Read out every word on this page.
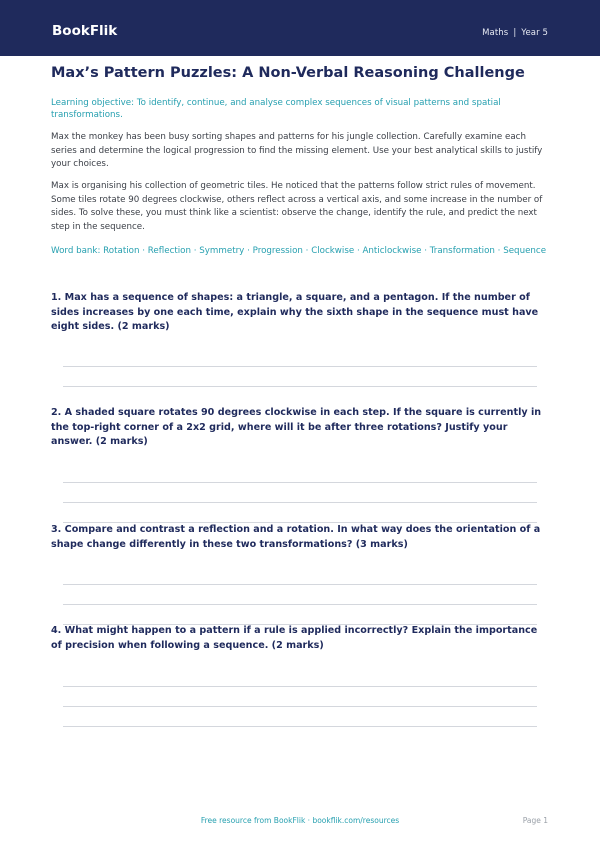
BookFlik	Maths | Year 5
Max’s Pattern Puzzles: A Non-Verbal Reasoning Challenge

Learning objective: To identify, continue, and analyse complex sequences of visual patterns and spatial transformations.

Max the monkey has been busy sorting shapes and patterns for his jungle collection. Carefully examine each series and determine the logical progression to find the missing element. Use your best analytical skills to justify your choices.

Max is organising his collection of geometric tiles. He noticed that the patterns follow strict rules of movement. Some tiles rotate 90 degrees clockwise, others reflect across a vertical axis, and some increase in the number of sides. To solve these, you must think like a scientist: observe the change, identify the rule, and predict the next step in the sequence.

Word bank: Rotation · Reflection · Symmetry · Progression · Clockwise · Anticlockwise · Transformation · Sequence

1. Max has a sequence of shapes: a triangle, a square, and a pentagon. If the number of sides increases by one each time, explain why the sixth shape in the sequence must have eight sides. (2 marks)

2. A shaded square rotates 90 degrees clockwise in each step. If the square is currently in the top-right corner of a 2x2 grid, where will it be after three rotations? Justify your answer. (2 marks)

3. Compare and contrast a reflection and a rotation. In what way does the orientation of a shape change differently in these two transformations? (3 marks)

4. What might happen to a pattern if a rule is applied incorrectly? Explain the importance of precision when following a sequence. (2 marks)

Free resource from BookFlik · bookflik.com/resources	Page 1
